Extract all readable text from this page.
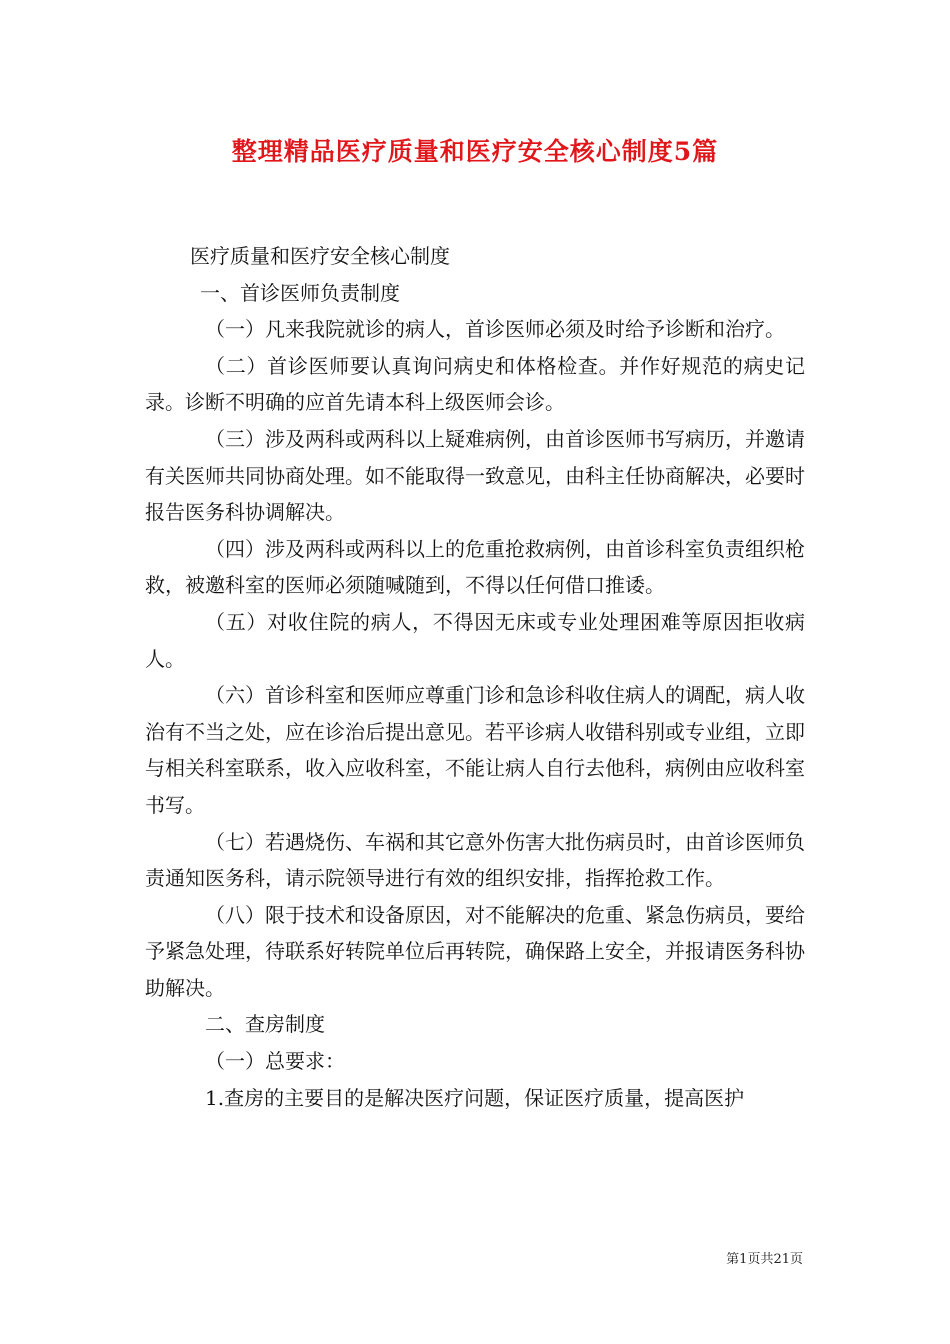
整理精品医疗质量和医疗安全核心制度5篇

医疗质量和医疗安全核心制度

一、首诊医师负责制度

（一）凡来我院就诊的病人，首诊医师必须及时给予诊断和治疗。

（二）首诊医师要认真询问病史和体格检查。并作好规范的病史记录。诊断不明确的应首先请本科上级医师会诊。

（三）涉及两科或两科以上疑难病例，由首诊医师书写病历，并邀请有关医师共同协商处理。如不能取得一致意见，由科主任协商解决，必要时报告医务科协调解决。

（四）涉及两科或两科以上的危重抢救病例，由首诊科室负责组织枪救，被邀科室的医师必须随喊随到，不得以任何借口推诿。

（五）对收住院的病人，不得因无床或专业处理困难等原因拒收病人。

（六）首诊科室和医师应尊重门诊和急诊科收住病人的调配，病人收治有不当之处，应在诊治后提出意见。若平诊病人收错科别或专业组，立即与相关科室联系，收入应收科室，不能让病人自行去他科，病例由应收科室书写。

（七）若遇烧伤、车祸和其它意外伤害大批伤病员时，由首诊医师负责通知医务科，请示院领导进行有效的组织安排，指挥抢救工作。

（八）限于技术和设备原因，对不能解决的危重、紧急伤病员，要给予紧急处理，待联系好转院单位后再转院，确保路上安全，并报请医务科协助解决。

二、查房制度

（一）总要求：

1.查房的主要目的是解决医疗问题，保证医疗质量，提高医护

第1页共21页
